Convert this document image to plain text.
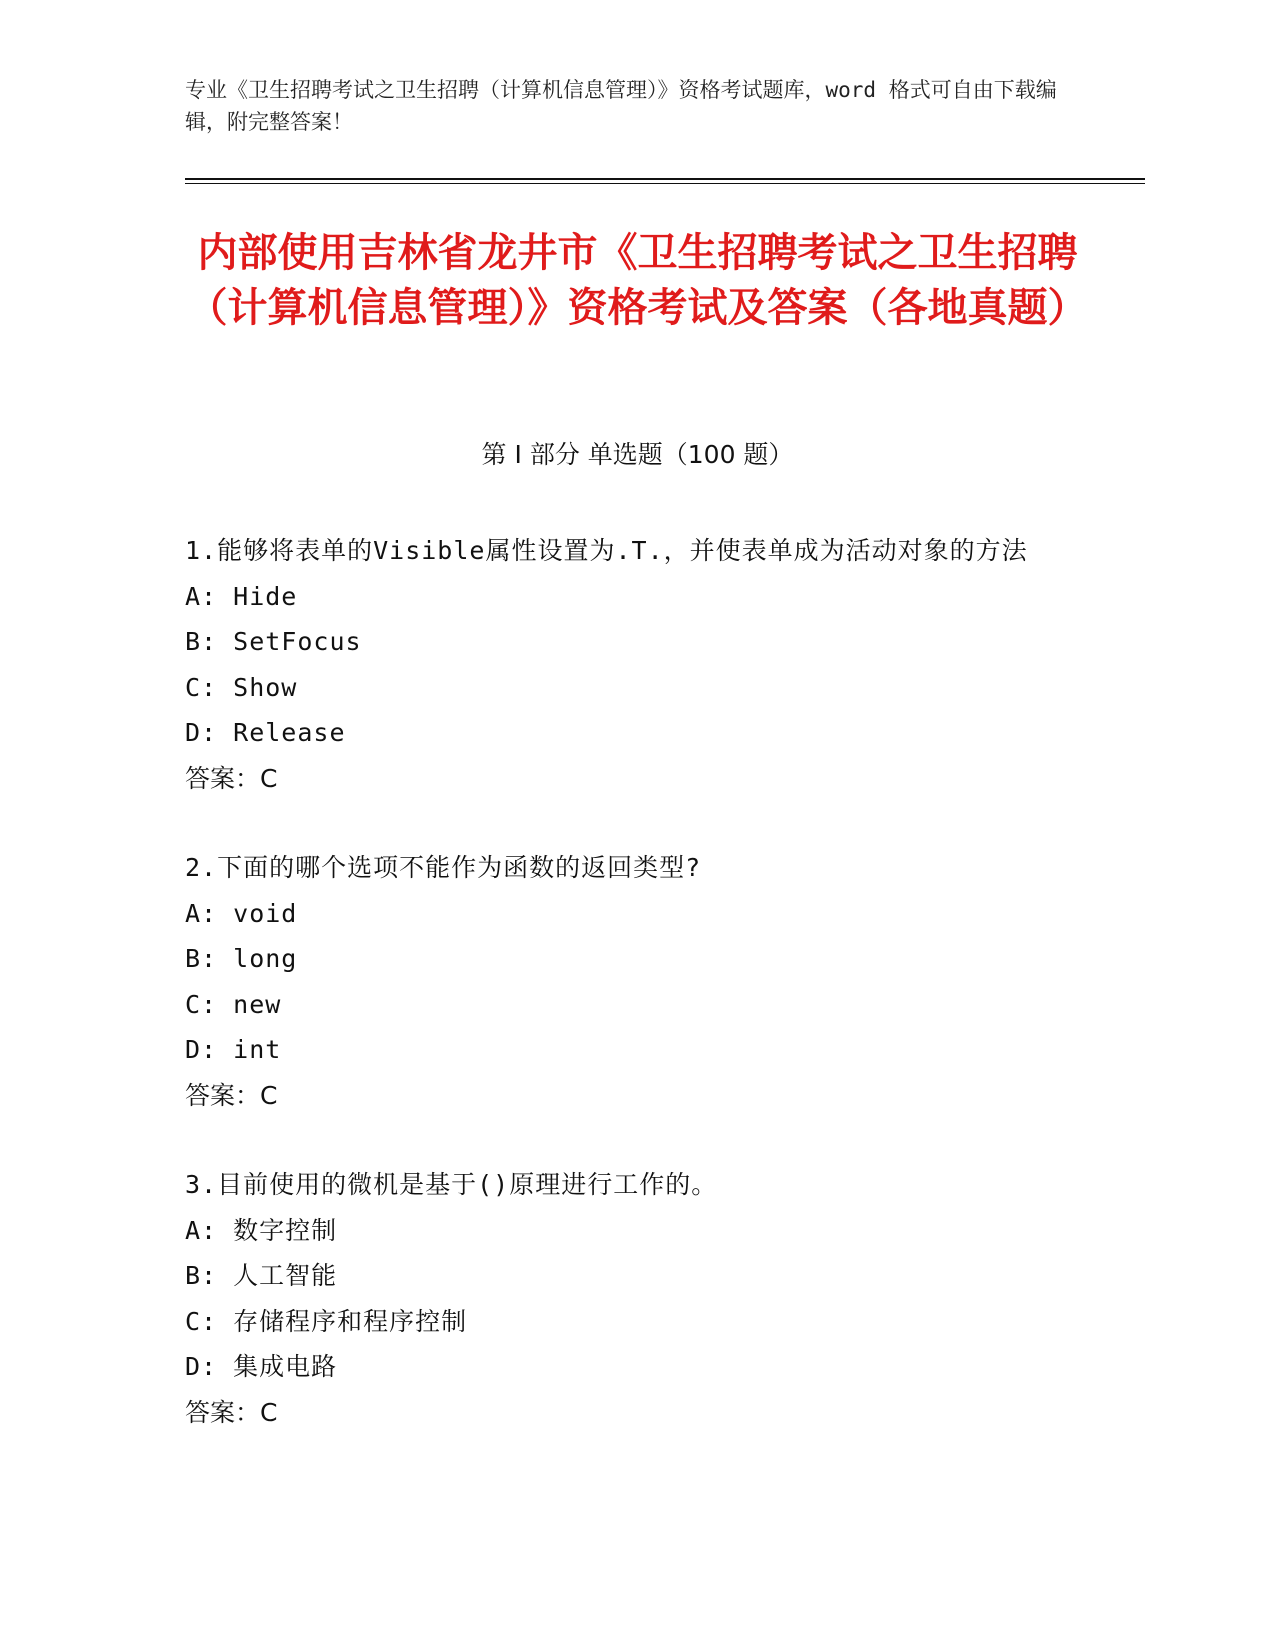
专业《卫生招聘考试之卫生招聘（计算机信息管理）》资格考试题库，word 格式可自由下载编辑，附完整答案！
内部使用吉林省龙井市《卫生招聘考试之卫生招聘（计算机信息管理）》资格考试及答案（各地真题）
第 I 部分 单选题（100 题）
1.能够将表单的Visible属性设置为.T.，并使表单成为活动对象的方法
A: Hide
B: SetFocus
C: Show
D: Release
答案：C
2.下面的哪个选项不能作为函数的返回类型?
A: void
B: long
C: new
D: int
答案：C
3.目前使用的微机是基于()原理进行工作的。
A: 数字控制
B: 人工智能
C: 存储程序和程序控制
D: 集成电路
答案：C
